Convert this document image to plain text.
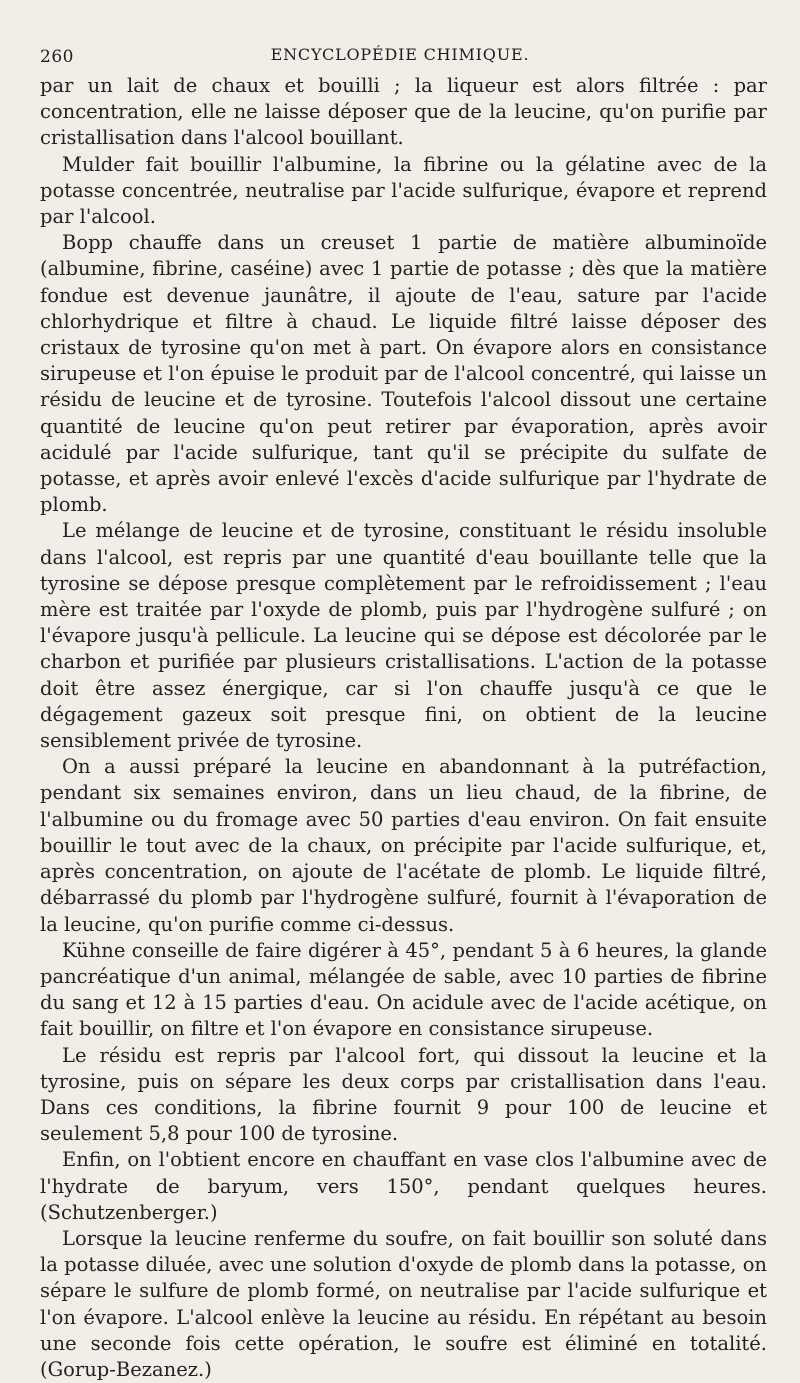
260	ENCYCLOPÉDIE CHIMIQUE.

par un lait de chaux et bouilli ; la liqueur est alors filtrée : par concentration, elle ne laisse déposer que de la leucine, qu'on purifie par cristallisation dans l'alcool bouillant.

Mulder fait bouillir l'albumine, la fibrine ou la gélatine avec de la potasse concentrée, neutralise par l'acide sulfurique, évapore et reprend par l'alcool.

Bopp chauffe dans un creuset 1 partie de matière albuminoïde (albumine, fibrine, caséine) avec 1 partie de potasse ; dès que la matière fondue est devenue jaunâtre, il ajoute de l'eau, sature par l'acide chlorhydrique et filtre à chaud. Le liquide filtré laisse déposer des cristaux de tyrosine qu'on met à part. On évapore alors en consistance sirupeuse et l'on épuise le produit par de l'alcool concentré, qui laisse un résidu de leucine et de tyrosine. Toutefois l'alcool dissout une certaine quantité de leucine qu'on peut retirer par évaporation, après avoir acidulé par l'acide sulfurique, tant qu'il se précipite du sulfate de potasse, et après avoir enlevé l'excès d'acide sulfurique par l'hydrate de plomb.

Le mélange de leucine et de tyrosine, constituant le résidu insoluble dans l'alcool, est repris par une quantité d'eau bouillante telle que la tyrosine se dépose presque complètement par le refroidissement ; l'eau mère est traitée par l'oxyde de plomb, puis par l'hydrogène sulfuré ; on l'évapore jusqu'à pellicule. La leucine qui se dépose est décolorée par le charbon et purifiée par plusieurs cristallisations. L'action de la potasse doit être assez énergique, car si l'on chauffe jusqu'à ce que le dégagement gazeux soit presque fini, on obtient de la leucine sensiblement privée de tyrosine.

On a aussi préparé la leucine en abandonnant à la putréfaction, pendant six semaines environ, dans un lieu chaud, de la fibrine, de l'albumine ou du fromage avec 50 parties d'eau environ. On fait ensuite bouillir le tout avec de la chaux, on précipite par l'acide sulfurique, et, après concentration, on ajoute de l'acétate de plomb. Le liquide filtré, débarrassé du plomb par l'hydrogène sulfuré, fournit à l'évaporation de la leucine, qu'on purifie comme ci-dessus.

Kühne conseille de faire digérer à 45°, pendant 5 à 6 heures, la glande pancréatique d'un animal, mélangée de sable, avec 10 parties de fibrine du sang et 12 à 15 parties d'eau. On acidule avec de l'acide acétique, on fait bouillir, on filtre et l'on évapore en consistance sirupeuse.

Le résidu est repris par l'alcool fort, qui dissout la leucine et la tyrosine, puis on sépare les deux corps par cristallisation dans l'eau. Dans ces conditions, la fibrine fournit 9 pour 100 de leucine et seulement 5,8 pour 100 de tyrosine.

Enfin, on l'obtient encore en chauffant en vase clos l'albumine avec de l'hydrate de baryum, vers 150°, pendant quelques heures. (Schutzenberger.)

Lorsque la leucine renferme du soufre, on fait bouillir son soluté dans la potasse diluée, avec une solution d'oxyde de plomb dans la potasse, on sépare le sulfure de plomb formé, on neutralise par l'acide sulfurique et l'on évapore. L'alcool enlève la leucine au résidu. En répétant au besoin une seconde fois cette opération, le soufre est éliminé en totalité. (Gorup-Bezanez.)
